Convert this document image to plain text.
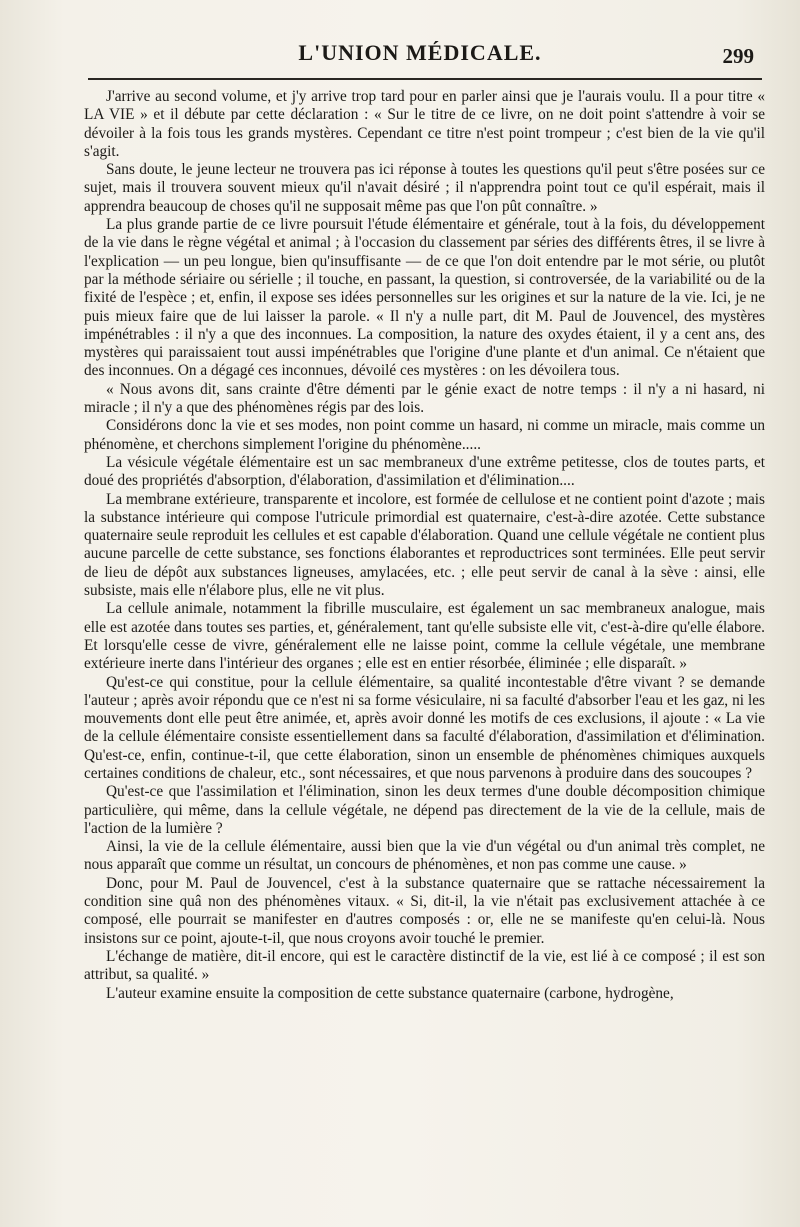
L'UNION MÉDICALE.	299

J'arrive au second volume, et j'y arrive trop tard pour en parler ainsi que je l'aurais voulu. Il a pour titre « LA VIE » et il débute par cette déclaration : « Sur le titre de ce livre, on ne doit point s'attendre à voir se dévoiler à la fois tous les grands mystères. Cependant ce titre n'est point trompeur ; c'est bien de la vie qu'il s'agit.

Sans doute, le jeune lecteur ne trouvera pas ici réponse à toutes les questions qu'il peut s'être posées sur ce sujet, mais il trouvera souvent mieux qu'il n'avait désiré ; il n'apprendra point tout ce qu'il espérait, mais il apprendra beaucoup de choses qu'il ne supposait même pas que l'on pût connaître. »

La plus grande partie de ce livre poursuit l'étude élémentaire et générale, tout à la fois, du développement de la vie dans le règne végétal et animal ; à l'occasion du classement par séries des différents êtres, il se livre à l'explication — un peu longue, bien qu'insuffisante — de ce que l'on doit entendre par le mot série, ou plutôt par la méthode sériaire ou sérielle ; il touche, en passant, la question, si controversée, de la variabilité ou de la fixité de l'espèce ; et, enfin, il expose ses idées personnelles sur les origines et sur la nature de la vie. Ici, je ne puis mieux faire que de lui laisser la parole. « Il n'y a nulle part, dit M. Paul de Jouvencel, des mystères impénétrables : il n'y a que des inconnues. La composition, la nature des oxydes étaient, il y a cent ans, des mystères qui paraissaient tout aussi impénétrables que l'origine d'une plante et d'un animal. Ce n'étaient que des inconnues. On a dégagé ces inconnues, dévoilé ces mystères : on les dévoilera tous.

« Nous avons dit, sans crainte d'être démenti par le génie exact de notre temps : il n'y a ni hasard, ni miracle ; il n'y a que des phénomènes régis par des lois.

Considérons donc la vie et ses modes, non point comme un hasard, ni comme un miracle, mais comme un phénomène, et cherchons simplement l'origine du phénomène.....

La vésicule végétale élémentaire est un sac membraneux d'une extrême petitesse, clos de toutes parts, et doué des propriétés d'absorption, d'élaboration, d'assimilation et d'élimination....

La membrane extérieure, transparente et incolore, est formée de cellulose et ne contient point d'azote ; mais la substance intérieure qui compose l'utricule primordial est quaternaire, c'est-à-dire azotée. Cette substance quaternaire seule reproduit les cellules et est capable d'élaboration. Quand une cellule végétale ne contient plus aucune parcelle de cette substance, ses fonctions élaborantes et reproductrices sont terminées. Elle peut servir de lieu de dépôt aux substances ligneuses, amylacées, etc. ; elle peut servir de canal à la sève : ainsi, elle subsiste, mais elle n'élabore plus, elle ne vit plus.

La cellule animale, notamment la fibrille musculaire, est également un sac membraneux analogue, mais elle est azotée dans toutes ses parties, et, généralement, tant qu'elle subsiste elle vit, c'est-à-dire qu'elle élabore. Et lorsqu'elle cesse de vivre, généralement elle ne laisse point, comme la cellule végétale, une membrane extérieure inerte dans l'intérieur des organes ; elle est en entier résorbée, éliminée ; elle disparaît. »

Qu'est-ce qui constitue, pour la cellule élémentaire, sa qualité incontestable d'être vivant ? se demande l'auteur ; après avoir répondu que ce n'est ni sa forme vésiculaire, ni sa faculté d'absorber l'eau et les gaz, ni les mouvements dont elle peut être animée, et, après avoir donné les motifs de ces exclusions, il ajoute : « La vie de la cellule élémentaire consiste essentiellement dans sa faculté d'élaboration, d'assimilation et d'élimination. Qu'est-ce, enfin, continue-t-il, que cette élaboration, sinon un ensemble de phénomènes chimiques auxquels certaines conditions de chaleur, etc., sont nécessaires, et que nous parvenons à produire dans des soucoupes ?

Qu'est-ce que l'assimilation et l'élimination, sinon les deux termes d'une double décomposition chimique particulière, qui même, dans la cellule végétale, ne dépend pas directement de la vie de la cellule, mais de l'action de la lumière ?

Ainsi, la vie de la cellule élémentaire, aussi bien que la vie d'un végétal ou d'un animal très complet, ne nous apparaît que comme un résultat, un concours de phénomènes, et non pas comme une cause. »

Donc, pour M. Paul de Jouvencel, c'est à la substance quaternaire que se rattache nécessairement la condition sine quâ non des phénomènes vitaux. « Si, dit-il, la vie n'était pas exclusivement attachée à ce composé, elle pourrait se manifester en d'autres composés : or, elle ne se manifeste qu'en celui-là. Nous insistons sur ce point, ajoute-t-il, que nous croyons avoir touché le premier.

L'échange de matière, dit-il encore, qui est le caractère distinctif de la vie, est lié à ce composé ; il est son attribut, sa qualité. »

L'auteur examine ensuite la composition de cette substance quaternaire (carbone, hydrogène,
